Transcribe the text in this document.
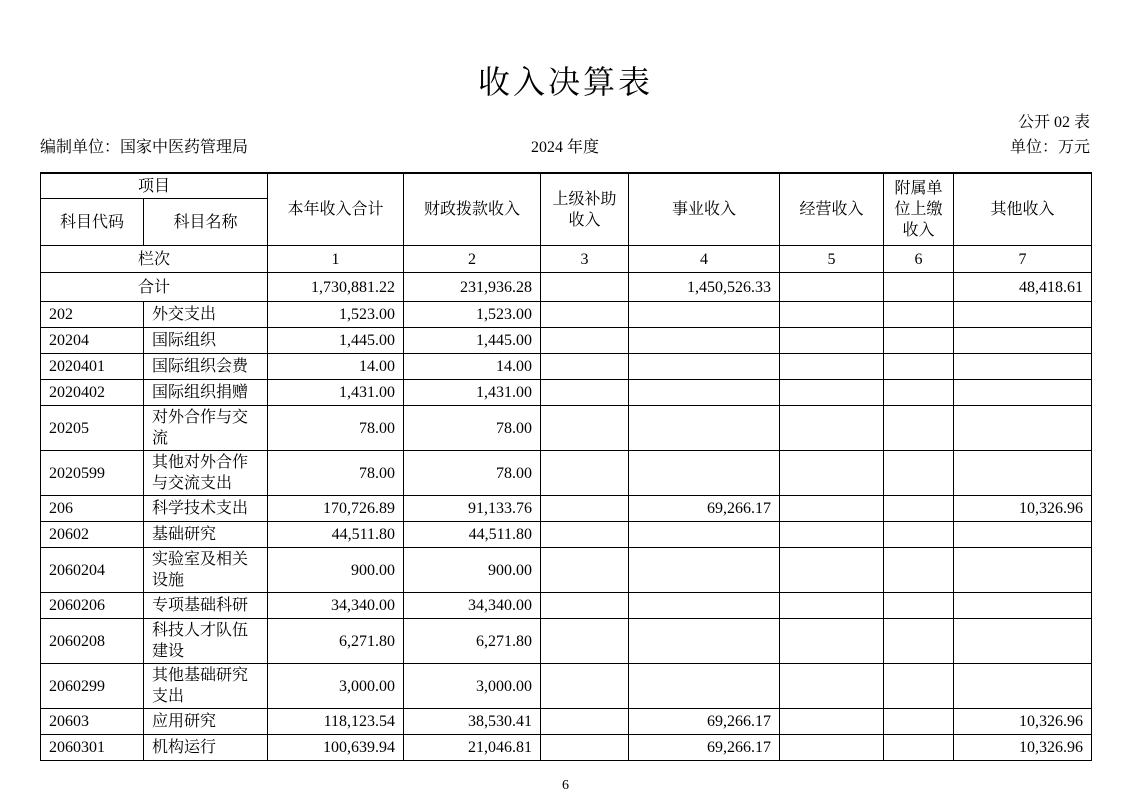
收入决算表
公开 02 表
编制单位：国家中医药管理局	2024 年度	单位：万元
项目		本年收入合计	财政拨款收入	上级补助收入	事业收入	经营收入	附属单位上缴收入	其他收入
科目代码	科目名称							
栏次		1	2	3	4	5	6	7
合计		1,730,881.22	231,936.28		1,450,526.33			48,418.61
202	外交支出	1,523.00	1,523.00					
20204	国际组织	1,445.00	1,445.00					
2020401	国际组织会费	14.00	14.00					
2020402	国际组织捐赠	1,431.00	1,431.00					
20205	对外合作与交流	78.00	78.00					
2020599	其他对外合作与交流支出	78.00	78.00					
206	科学技术支出	170,726.89	91,133.76		69,266.17			10,326.96
20602	基础研究	44,511.80	44,511.80					
2060204	实验室及相关设施	900.00	900.00					
2060206	专项基础科研	34,340.00	34,340.00					
2060208	科技人才队伍建设	6,271.80	6,271.80					
2060299	其他基础研究支出	3,000.00	3,000.00					
20603	应用研究	118,123.54	38,530.41		69,266.17			10,326.96
2060301	机构运行	100,639.94	21,046.81		69,266.17			10,326.96
6
